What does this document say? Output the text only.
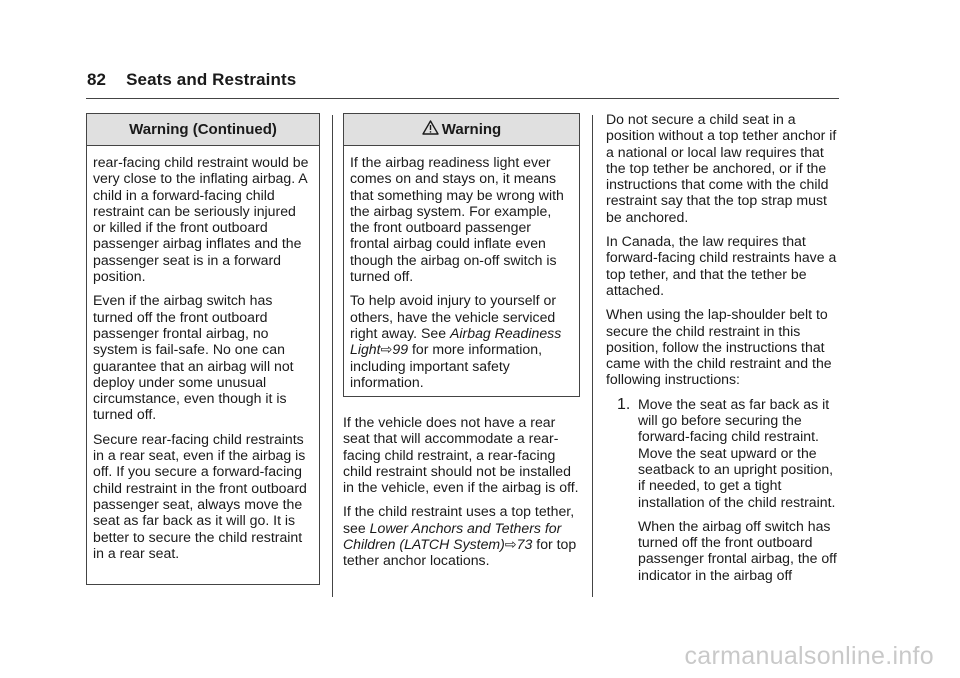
82 Seats and Restraints
Warning (Continued)

rear-facing child restraint would be very close to the inflating airbag. A child in a forward-facing child restraint can be seriously injured or killed if the front outboard passenger airbag inflates and the passenger seat is in a forward position.

Even if the airbag switch has turned off the front outboard passenger frontal airbag, no system is fail-safe. No one can guarantee that an airbag will not deploy under some unusual circumstance, even though it is turned off.

Secure rear-facing child restraints in a rear seat, even if the airbag is off. If you secure a forward-facing child restraint in the front outboard passenger seat, always move the seat as far back as it will go. It is better to secure the child restraint in a rear seat.

Warning

If the airbag readiness light ever comes on and stays on, it means that something may be wrong with the airbag system. For example, the front outboard passenger frontal airbag could inflate even though the airbag on-off switch is turned off.

To help avoid injury to yourself or others, have the vehicle serviced right away. See Airbag Readiness Light⇨99 for more information, including important safety information.

If the vehicle does not have a rear seat that will accommodate a rear-facing child restraint, a rear-facing child restraint should not be installed in the vehicle, even if the airbag is off.

If the child restraint uses a top tether, see Lower Anchors and Tethers for Children (LATCH System)⇨73 for top tether anchor locations.

Do not secure a child seat in a position without a top tether anchor if a national or local law requires that the top tether be anchored, or if the instructions that come with the child restraint say that the top strap must be anchored.

In Canada, the law requires that forward-facing child restraints have a top tether, and that the tether be attached.

When using the lap-shoulder belt to secure the child restraint in this position, follow the instructions that came with the child restraint and the following instructions:

1. Move the seat as far back as it will go before securing the forward-facing child restraint. Move the seat upward or the seatback to an upright position, if needed, to get a tight installation of the child restraint.

When the airbag off switch has turned off the front outboard passenger frontal airbag, the off indicator in the airbag off

carmanualsonline.info
